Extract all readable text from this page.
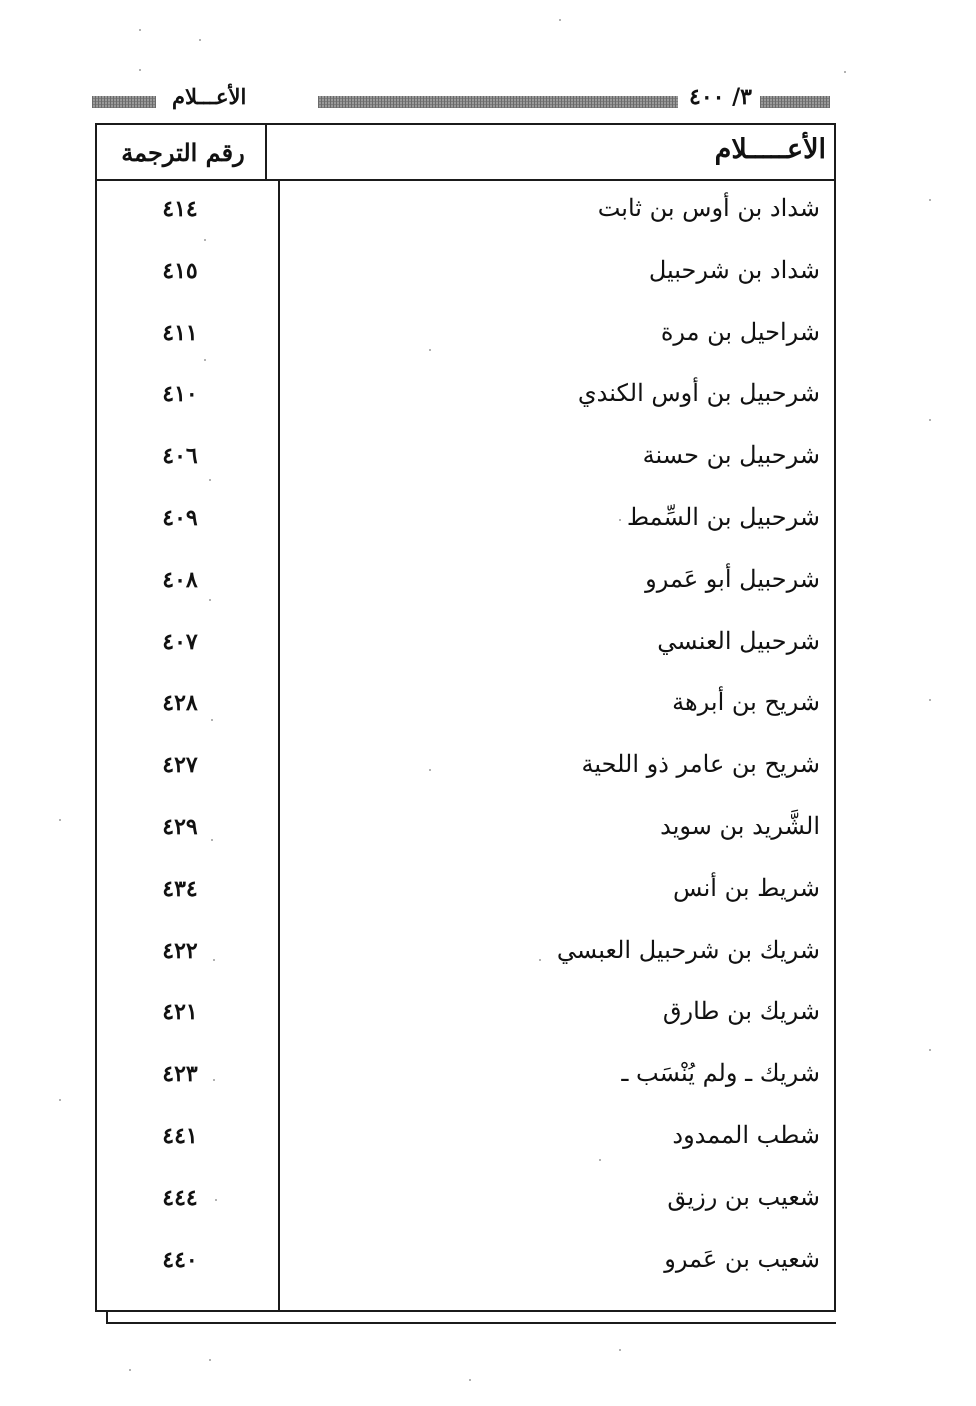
٣/ ٤٠٠
الأعـــلام
الأعـــــلام
رقم الترجمة
شداد بن أوس بن ثابت
٤١٤
شداد بن شرحبيل
٤١٥
شراحيل بن مرة
٤١١
شرحبيل بن أوس الكندي
٤١٠
شرحبيل بن حسنة
٤٠٦
شرحبيل بن السِّمط
٤٠٩
شرحبيل أبو عَمرو
٤٠٨
شرحبيل العنسي
٤٠٧
شريح بن أبرهة
٤٢٨
شريح بن عامر ذو اللحية
٤٢٧
الشَّريد بن سويد
٤٢٩
شريط بن أنس
٤٣٤
شريك بن شرحبيل العبسي
٤٢٢
شريك بن طارق
٤٢١
شريك ـ ولم يُنْسَب ـ
٤٢٣
شطب الممدود
٤٤١
شعيب بن رزيق
٤٤٤
شعيب بن عَمرو
٤٤٠
